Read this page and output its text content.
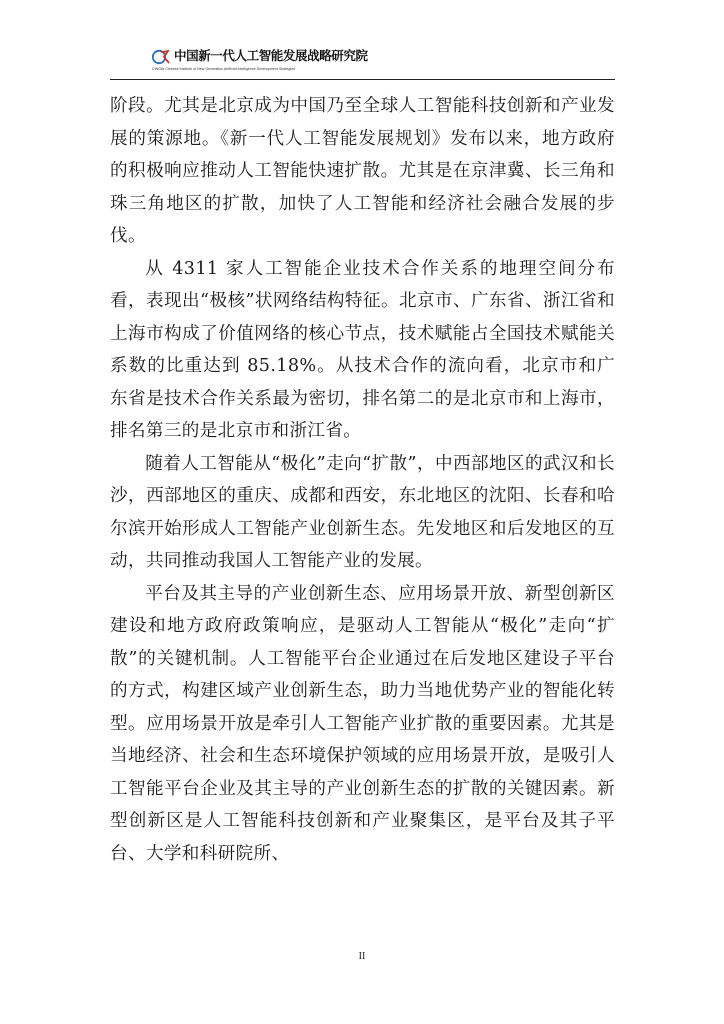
中国新一代人工智能发展战略研究院
CINGAI Chinese Institute of New Generation Artificial Intelligence Development Strategies

阶段。尤其是北京成为中国乃至全球人工智能科技创新和产业发展的策源地。《新一代人工智能发展规划》发布以来，地方政府的积极响应推动人工智能快速扩散。尤其是在京津冀、长三角和珠三角地区的扩散，加快了人工智能和经济社会融合发展的步伐。

从 4311 家人工智能企业技术合作关系的地理空间分布看，表现出“极核”状网络结构特征。北京市、广东省、浙江省和上海市构成了价值网络的核心节点，技术赋能占全国技术赋能关系数的比重达到 85.18%。从技术合作的流向看，北京市和广东省是技术合作关系最为密切，排名第二的是北京市和上海市，排名第三的是北京市和浙江省。

随着人工智能从“极化”走向“扩散”，中西部地区的武汉和长沙，西部地区的重庆、成都和西安，东北地区的沈阳、长春和哈尔滨开始形成人工智能产业创新生态。先发地区和后发地区的互动，共同推动我国人工智能产业的发展。

平台及其主导的产业创新生态、应用场景开放、新型创新区建设和地方政府政策响应，是驱动人工智能从“极化”走向“扩散”的关键机制。人工智能平台企业通过在后发地区建设子平台的方式，构建区域产业创新生态，助力当地优势产业的智能化转型。应用场景开放是牵引人工智能产业扩散的重要因素。尤其是当地经济、社会和生态环境保护领域的应用场景开放，是吸引人工智能平台企业及其主导的产业创新生态的扩散的关键因素。新型创新区是人工智能科技创新和产业聚集区，是平台及其子平台、大学和科研院所、

II
